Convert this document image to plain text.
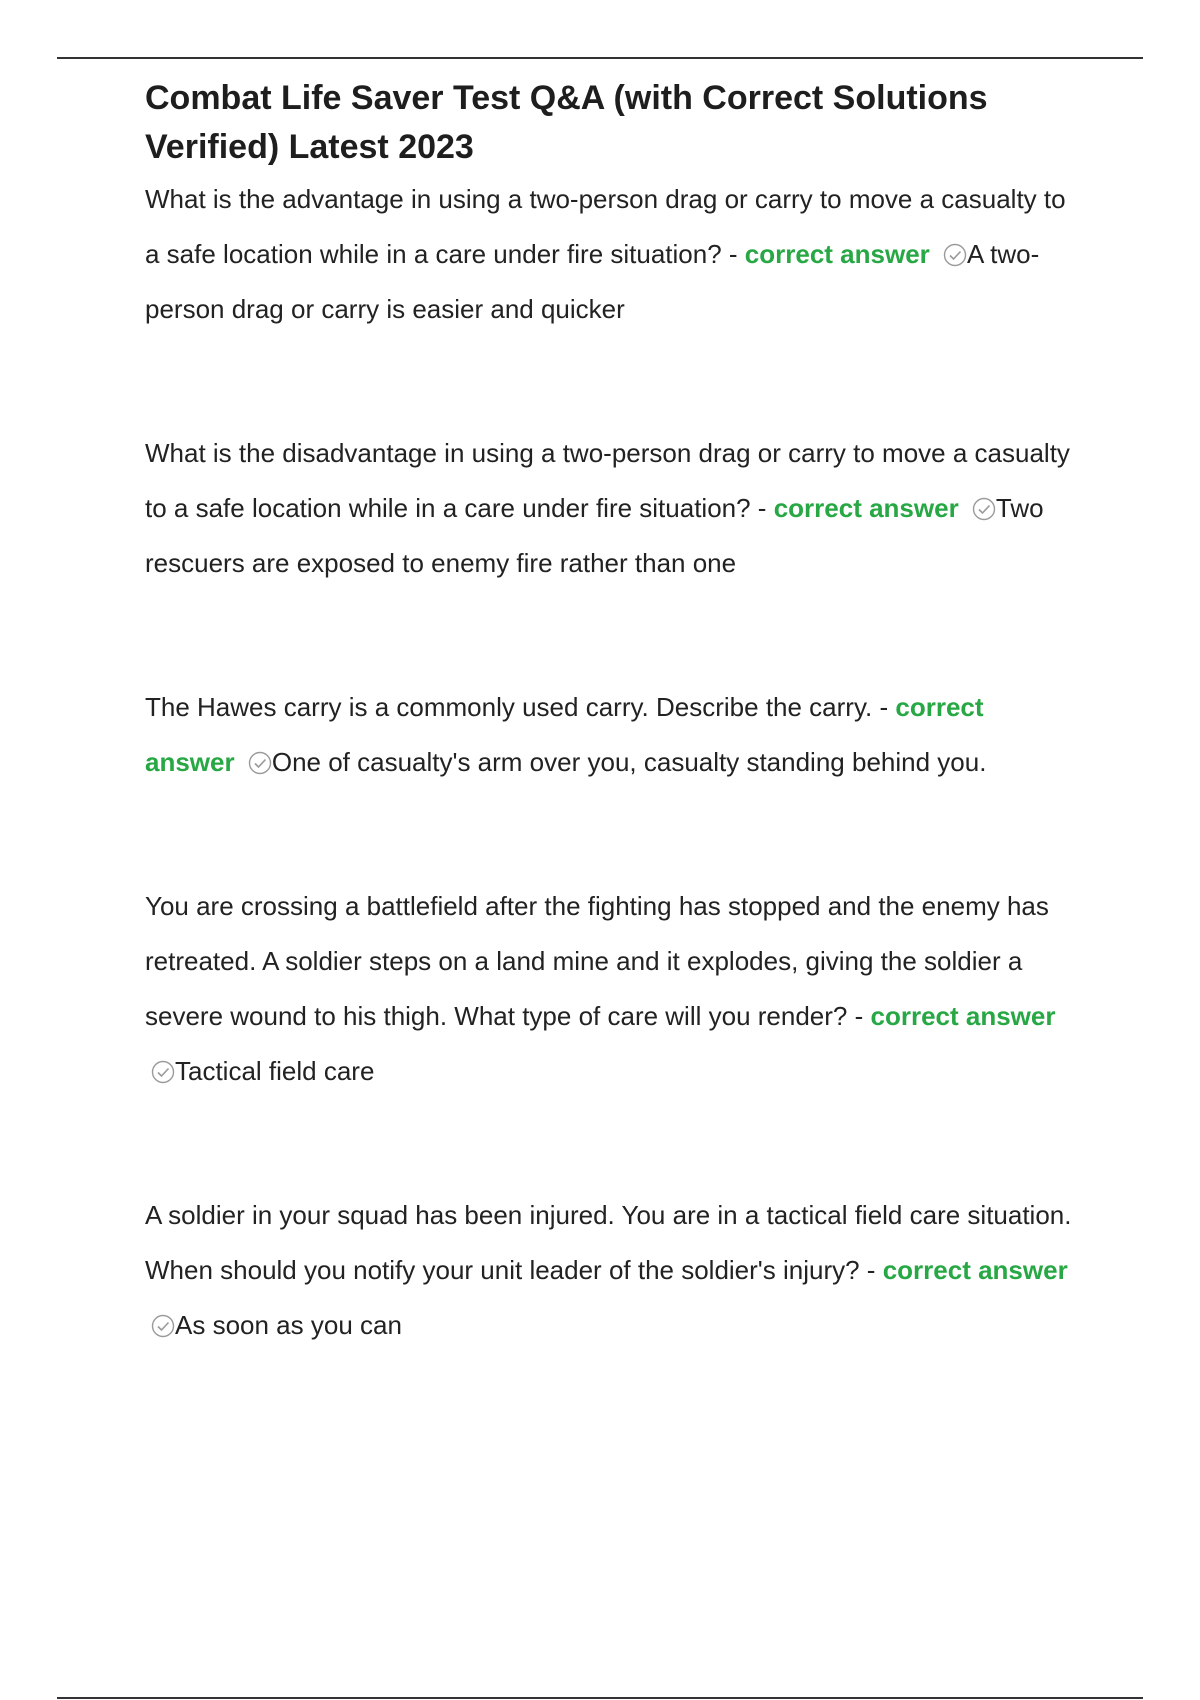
Combat Life Saver Test Q&A (with Correct Solutions Verified) Latest 2023

What is the advantage in using a two-person drag or carry to move a casualty to a safe location while in a care under fire situation? - correct answer A two-person drag or carry is easier and quicker

What is the disadvantage in using a two-person drag or carry to move a casualty to a safe location while in a care under fire situation? - correct answer Two rescuers are exposed to enemy fire rather than one

The Hawes carry is a commonly used carry. Describe the carry. - correct answer One of casualty's arm over you, casualty standing behind you.

You are crossing a battlefield after the fighting has stopped and the enemy has retreated. A soldier steps on a land mine and it explodes, giving the soldier a severe wound to his thigh. What type of care will you render? - correct answer Tactical field care

A soldier in your squad has been injured. You are in a tactical field care situation. When should you notify your unit leader of the soldier's injury? - correct answer As soon as you can
